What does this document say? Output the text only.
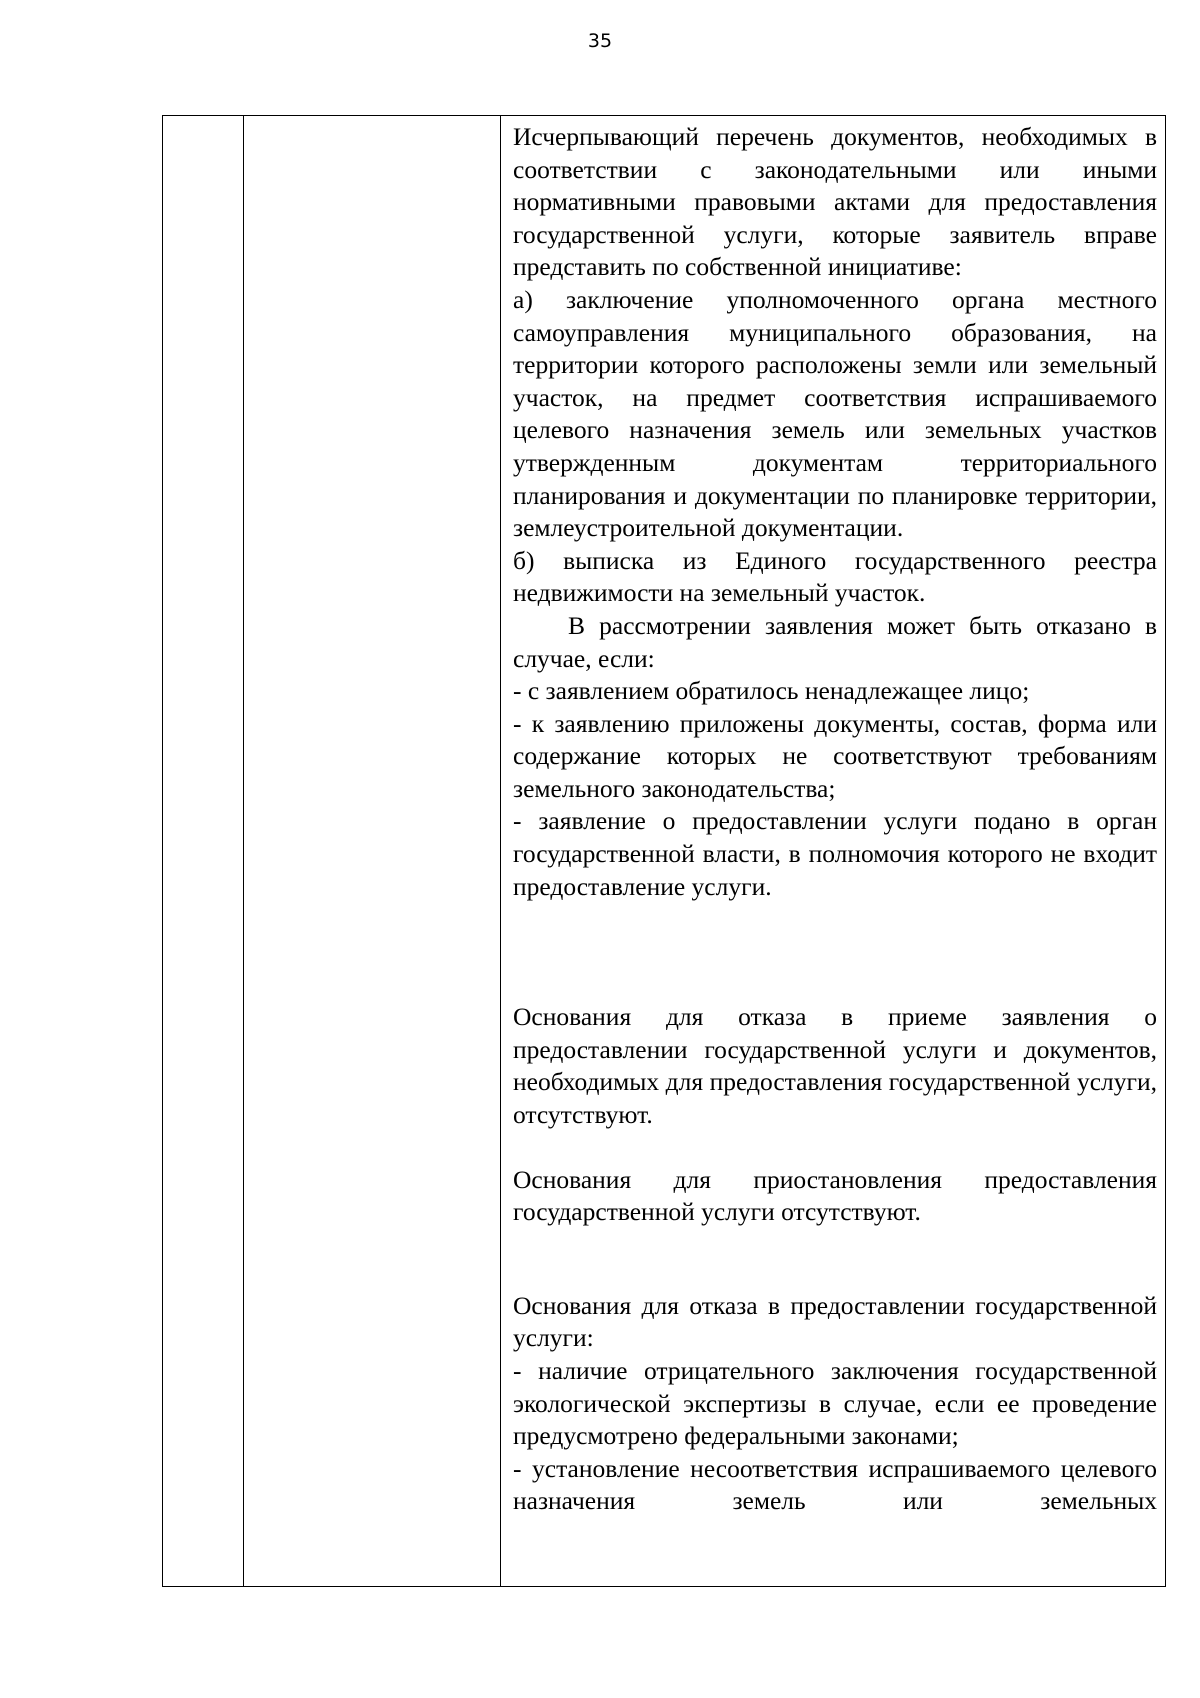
35

Исчерпывающий перечень документов, необходимых в соответствии с законодательными или иными нормативными правовыми актами для предоставления государственной услуги, которые заявитель вправе представить по собственной инициативе:

а) заключение уполномоченного органа местного самоуправления муниципального образования, на территории которого расположены земли или земельный участок, на предмет соответствия испрашиваемого целевого назначения земель или земельных участков утвержденным документам территориального планирования и документации по планировке территории, землеустроительной документации.

б) выписка из Единого государственного реестра недвижимости на земельный участок.

В рассмотрении заявления может быть отказано в случае, если:

- с заявлением обратилось ненадлежащее лицо;

- к заявлению приложены документы, состав, форма или содержание которых не соответствуют требованиям земельного законодательства;

- заявление о предоставлении услуги подано в орган государственной власти, в полномочия которого не входит предоставление услуги.

Основания для отказа в приеме заявления о предоставлении государственной услуги и документов, необходимых для предоставления государственной услуги, отсутствуют.

Основания для приостановления предоставления государственной услуги отсутствуют.

Основания для отказа в предоставлении государственной услуги:

- наличие отрицательного заключения государственной экологической экспертизы в случае, если ее проведение предусмотрено федеральными законами;

- установление несоответствия испрашиваемого целевого назначения земель или земельных
